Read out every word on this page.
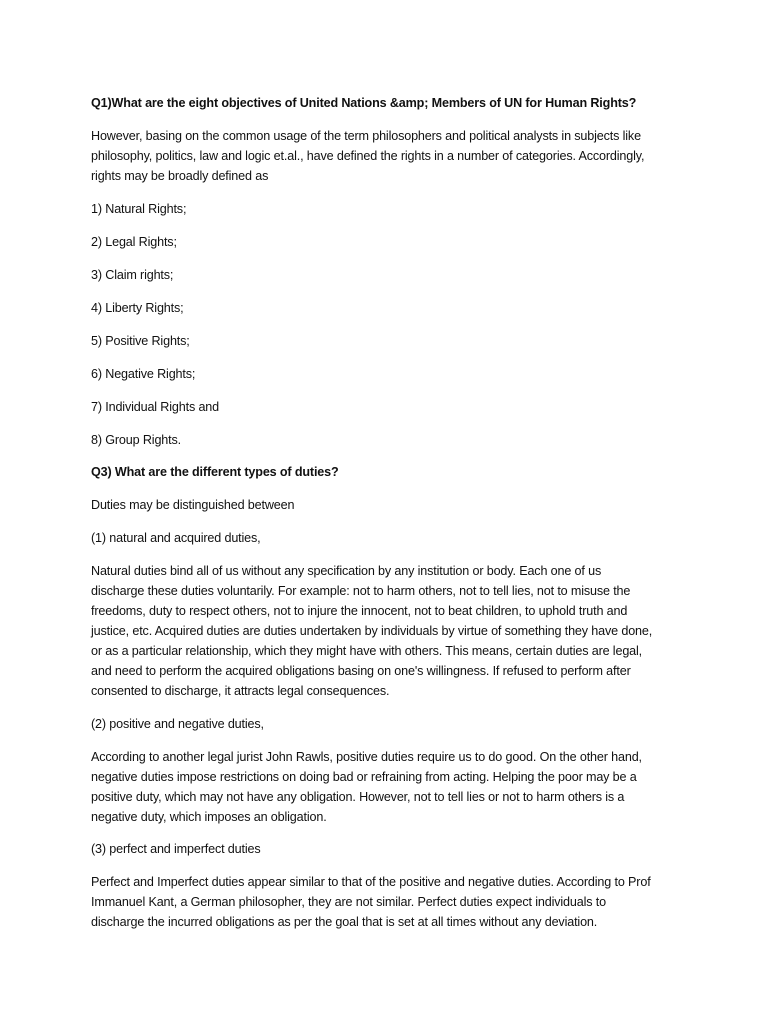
Q1)What are the eight objectives of United Nations &amp; Members of UN for Human Rights?
However, basing on the common usage of the term philosophers and political analysts in subjects like
philosophy, politics, law and logic et.al., have defined the rights in a number of categories. Accordingly,
rights may be broadly defined as
1) Natural Rights;
2) Legal Rights;
3) Claim rights;
4) Liberty Rights;
5) Positive Rights;
6) Negative Rights;
7) Individual Rights and
8) Group Rights.
Q3) What are the different types of duties?
Duties may be distinguished between
(1) natural and acquired duties,
Natural duties bind all of us without any specification by any institution or body. Each one of us
discharge these duties voluntarily. For example: not to harm others, not to tell lies, not to misuse the
freedoms, duty to respect others, not to injure the innocent, not to beat children, to uphold truth and
justice, etc. Acquired duties are duties undertaken by individuals by virtue of something they have done,
or as a particular relationship, which they might have with others. This means, certain duties are legal,
and need to perform the acquired obligations basing on one's willingness. If refused to perform after
consented to discharge, it attracts legal consequences.
(2) positive and negative duties,
According to another legal jurist John Rawls, positive duties require us to do good. On the other hand,
negative duties impose restrictions on doing bad or refraining from acting. Helping the poor may be a
positive duty, which may not have any obligation. However, not to tell lies or not to harm others is a
negative duty, which imposes an obligation.
(3) perfect and imperfect duties
Perfect and Imperfect duties appear similar to that of the positive and negative duties. According to Prof
Immanuel Kant, a German philosopher, they are not similar. Perfect duties expect individuals to
discharge the incurred obligations as per the goal that is set at all times without any deviation.
